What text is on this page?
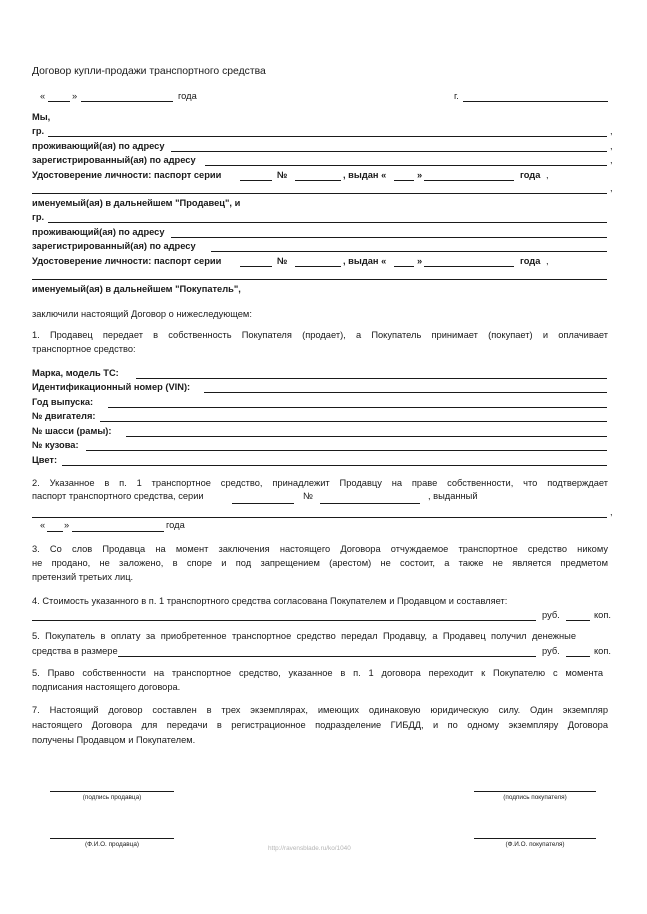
Договор купли-продажи транспортного средства
«	»	года	г.
Мы,
гр.	,
проживающий(ая) по адресу	,
зарегистрированный(ая) по адресу	,
Удостоверение личности: паспорт серии	№	, выдан «	»	года ,
,
именуемый(ая) в дальнейшем "Продавец", и
гр.
проживающий(ая) по адресу
зарегистрированный(ая) по адресу
Удостоверение личности: паспорт серии	№	, выдан «	»	года ,
именуемый(ая) в дальнейшем "Покупатель",
заключили настоящий Договор о нижеследующем:
1. Продавец передает в собственность Покупателя (продает), а Покупатель принимает (покупает) и оплачивает
транспортное средство:
Марка, модель ТС:
Идентификационный номер (VIN):
Год выпуска:
№ двигателя:
№ шасси (рамы):
№ кузова:
Цвет:
2. Указанное в п. 1 транспортное средство, принадлежит Продавцу на праве собственности, что подтверждает
паспорт транспортного средства, серии	№	, выданный
,
« »	года
3. Со слов Продавца на момент заключения настоящего Договора отчуждаемое транспортное средство никому
не продано, не заложено, в споре и под запрещением (арестом) не состоит, а также не является предметом
претензий третьих лиц.
4. Стоимость указанного в п. 1 транспортного средства согласована Покупателем и Продавцом и составляет:
руб.	коп.
5. Покупатель в оплату за приобретенное транспортное средство передал Продавцу, а Продавец получил денежные
средства в размере	руб.	коп.
5. Право собственности на транспортное средство, указанное в п. 1 договора переходит к Покупателю с момента
подписания настоящего договора.
7. Настоящий договор составлен в трех экземплярах, имеющих одинаковую юридическую силу. Один экземпляр
настоящего Договора для передачи в регистрационное подразделение ГИБДД, и по одному экземпляру Договора
получены Продавцом и Покупателем.
(подпись продавца)	(подпись покупателя)
(Ф.И.О. продавца)	(Ф.И.О. покупателя)
http://ravensblade.ru/ko/1040
